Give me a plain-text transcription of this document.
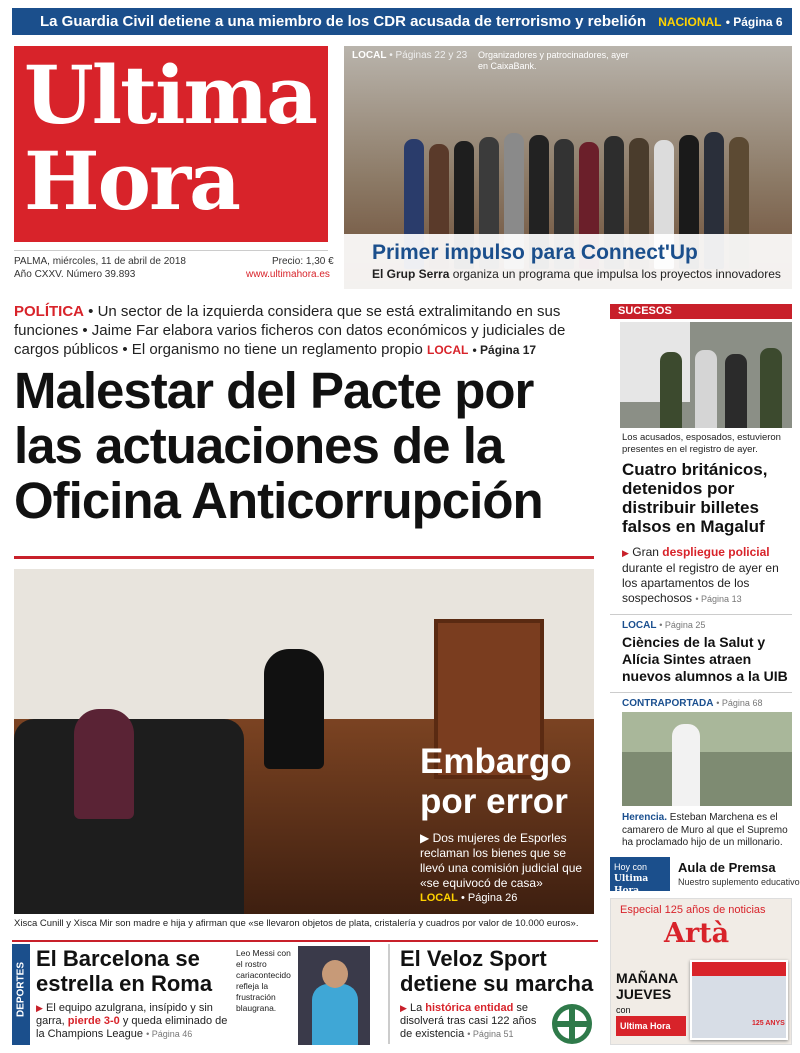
La Guardia Civil detiene a una miembro de los CDR acusada de terrorismo y rebelión NACIONAL • Página 6
Ultima
Hora
PALMA, miércoles, 11 de abril de 2018
Año CXXV. Número 39.893
Precio: 1,30 €
www.ultimahora.es
LOCAL • Páginas 22 y 23 Organizadores y patrocinadores, ayer en CaixaBank.
Primer impulso para Connect'Up
El Grup Serra organiza un programa que impulsa los proyectos innovadores
POLÍTICA • Un sector de la izquierda considera que se está extralimitando en sus funciones • Jaime Far elabora varios ficheros con datos económicos y judiciales de cargos públicos • El organismo no tiene un reglamento propio LOCAL • Página 17
Malestar del Pacte por las actuaciones de la Oficina Anticorrupción
Embargo
por error
▶ Dos mujeres de Esporles reclaman los bienes que se llevó una comisión judicial que «se equivocó de casa»
LOCAL • Página 26
Xisca Cunill y Xisca Mir son madre e hija y afirman que «se llevaron objetos de plata, cristalería y cuadros por valor de 10.000 euros».
SUCESOS
Los acusados, esposados, estuvieron presentes en el registro de ayer.
Cuatro británicos, detenidos por distribuir billetes falsos en Magaluf
▶ Gran despliegue policial durante el registro de ayer en los apartamentos de los sospechosos • Página 13
LOCAL • Página 25
Ciències de la Salut y Alícia Sintes atraen nuevos alumnos a la UIB
CONTRAPORTADA • Página 68
Herencia. Esteban Marchena es el camarero de Muro al que el Supremo ha proclamado hijo de un millonario.
Hoy con
Ultima Hora
Aula de Premsa
Nuestro suplemento educativo
Especial 125 años de noticias
Artà
MAÑANA
JUEVES
con
Ultima Hora	125 ANYS
DEPORTES
El Barcelona se estrella en Roma
▶ El equipo azulgrana, insípido y sin garra, pierde 3-0 y queda eliminado de la Champions League • Página 46
Leo Messi con el rostro cariacontecido refleja la frustración blaugrana.
El Veloz Sport detiene su marcha
▶ La histórica entidad se disolverá tras casi 122 años de existencia • Página 51
